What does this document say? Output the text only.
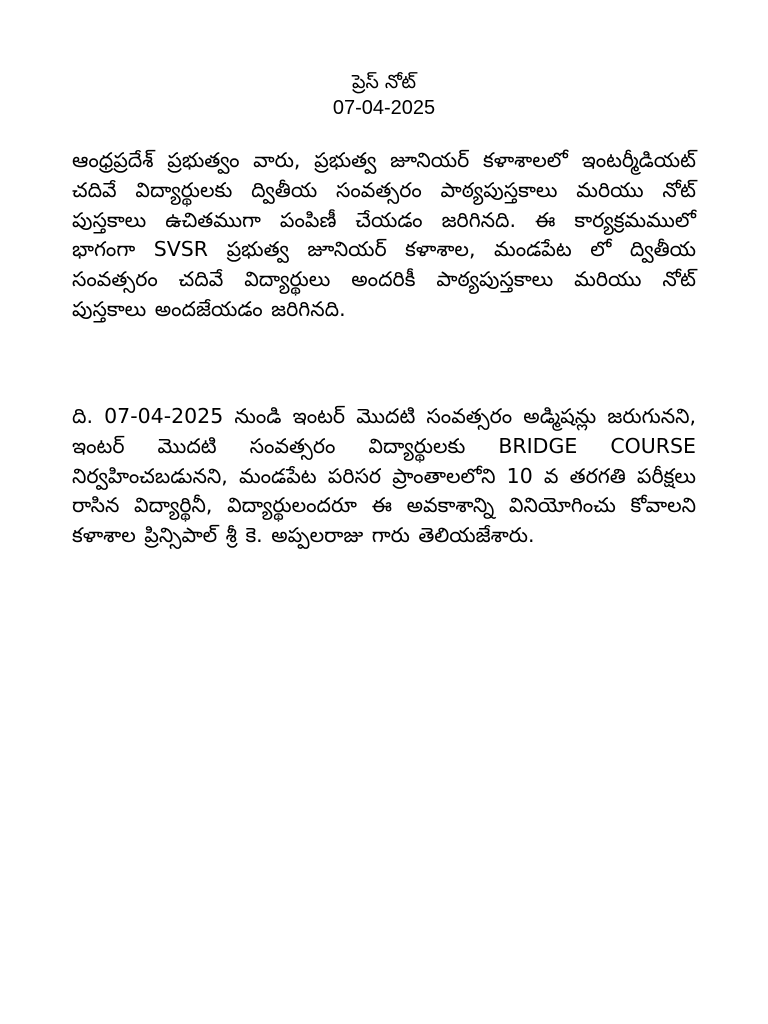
ప్రెస్ నోట్
07-04-2025

ఆంధ్రప్రదేశ్ ప్రభుత్వం వారు, ప్రభుత్వ జూనియర్ కళాశాలలో ఇంటర్మీడియట్ చదివే విద్యార్థులకు ద్వితీయ సంవత్సరం పాఠ్యపుస్తకాలు మరియు నోట్ పుస్తకాలు ఉచితముగా పంపిణీ చేయడం జరిగినది. ఈ కార్యక్రమములో భాగంగా SVSR ప్రభుత్వ జూనియర్ కళాశాల, మండపేట లో ద్వితీయ సంవత్సరం చదివే విద్యార్థులు అందరికీ పాఠ్యపుస్తకాలు మరియు నోట్ పుస్తకాలు అందజేయడం జరిగినది.

ది. 07-04-2025 నుండి ఇంటర్ మొదటి సంవత్సరం అడ్మిషన్లు జరుగునని, ఇంటర్ మొదటి సంవత్సరం విద్యార్థులకు BRIDGE COURSE నిర్వహించబడునని, మండపేట పరిసర ప్రాంతాలలోని 10 వ తరగతి పరీక్షలు రాసిన విద్యార్థినీ, విద్యార్థులందరూ ఈ అవకాశాన్ని వినియోగించు కోవాలని కళాశాల ప్రిన్సిపాల్ శ్రీ కె. అప్పలరాజు గారు తెలియజేశారు.
